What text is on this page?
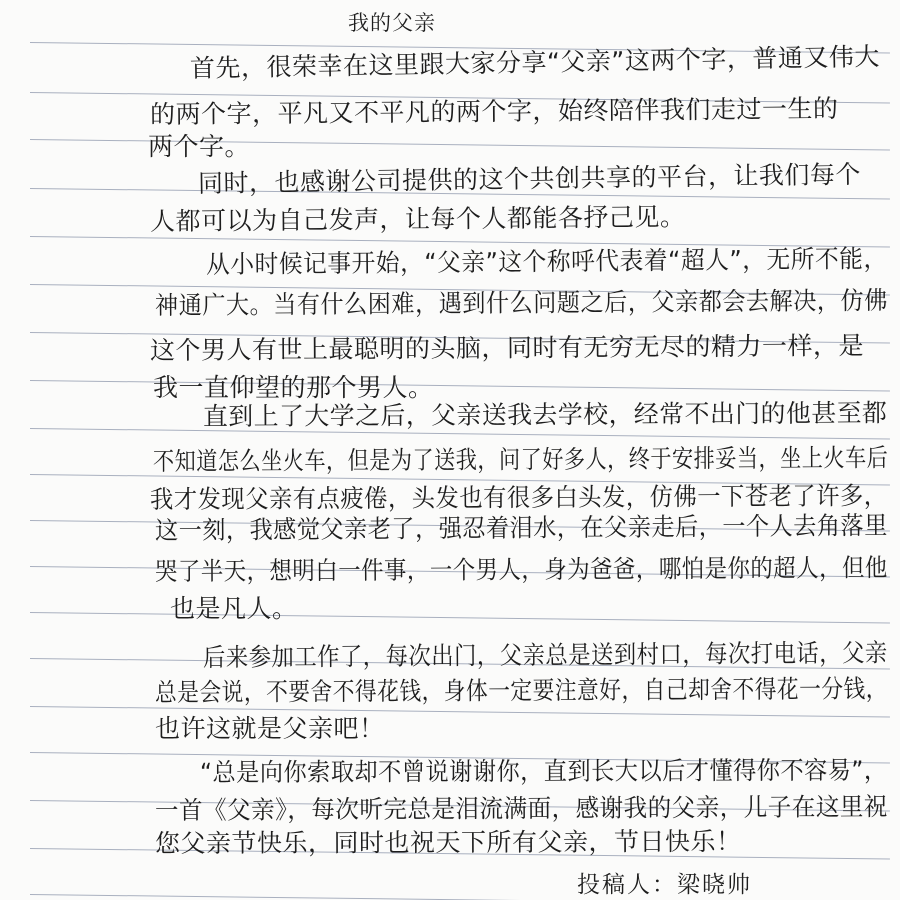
我的父亲
首先，很荣幸在这里跟大家分享“父亲”这两个字，普通又伟大
的两个字，平凡又不平凡的两个字，始终陪伴我们走过一生的
两个字。
同时，也感谢公司提供的这个共创共享的平台，让我们每个
人都可以为自己发声，让每个人都能各抒己见。
从小时候记事开始，“父亲”这个称呼代表着“超人”，无所不能，
神通广大。当有什么困难，遇到什么问题之后，父亲都会去解决，仿佛
这个男人有世上最聪明的头脑，同时有无穷无尽的精力一样，是
我一直仰望的那个男人。
直到上了大学之后，父亲送我去学校，经常不出门的他甚至都
不知道怎么坐火车，但是为了送我，问了好多人，终于安排妥当，坐上火车后
我才发现父亲有点疲倦，头发也有很多白头发，仿佛一下苍老了许多，
这一刻，我感觉父亲老了，强忍着泪水，在父亲走后，一个人去角落里
哭了半天，想明白一件事，一个男人，身为爸爸，哪怕是你的超人，但他
也是凡人。
后来参加工作了，每次出门，父亲总是送到村口，每次打电话，父亲
总是会说，不要舍不得花钱，身体一定要注意好，自己却舍不得花一分钱，
也许这就是父亲吧！
“总是向你索取却不曾说谢谢你，直到长大以后才懂得你不容易”，
一首《父亲》，每次听完总是泪流满面，感谢我的父亲，儿子在这里祝
您父亲节快乐，同时也祝天下所有父亲，节日快乐！
投稿人：梁晓帅
